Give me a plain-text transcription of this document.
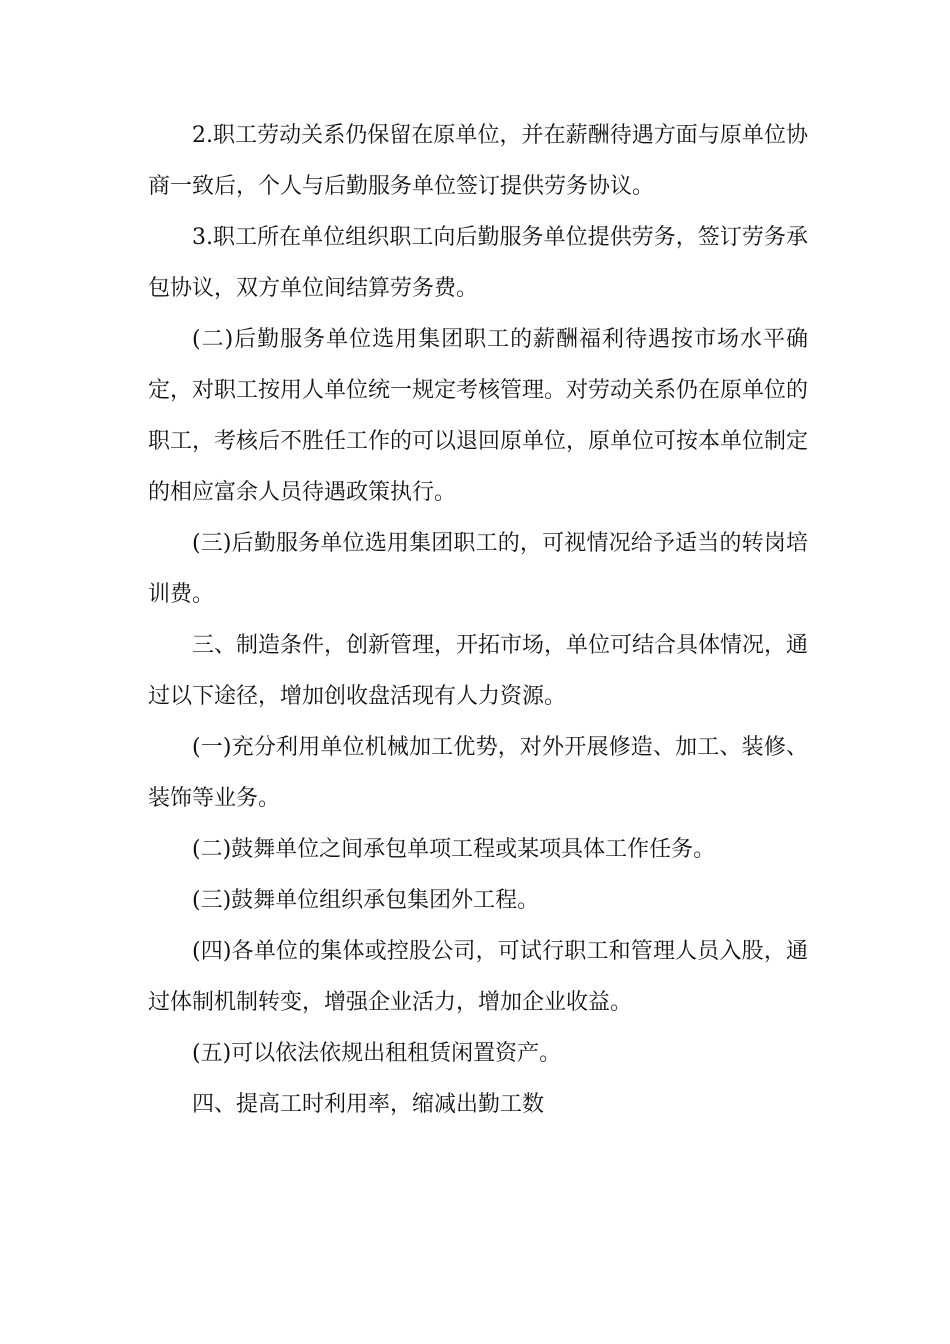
2.职工劳动关系仍保留在原单位，并在薪酬待遇方面与原单位协商一致后，个人与后勤服务单位签订提供劳务协议。

3.职工所在单位组织职工向后勤服务单位提供劳务，签订劳务承包协议，双方单位间结算劳务费。

(二)后勤服务单位选用集团职工的薪酬福利待遇按市场水平确定，对职工按用人单位统一规定考核管理。对劳动关系仍在原单位的职工，考核后不胜任工作的可以退回原单位，原单位可按本单位制定的相应富余人员待遇政策执行。

(三)后勤服务单位选用集团职工的，可视情况给予适当的转岗培训费。

三、制造条件，创新管理，开拓市场，单位可结合具体情况，通过以下途径，增加创收盘活现有人力资源。

(一)充分利用单位机械加工优势，对外开展修造、加工、装修、装饰等业务。

(二)鼓舞单位之间承包单项工程或某项具体工作任务。

(三)鼓舞单位组织承包集团外工程。

(四)各单位的集体或控股公司，可试行职工和管理人员入股，通过体制机制转变，增强企业活力，增加企业收益。

(五)可以依法依规出租租赁闲置资产。

四、提高工时利用率，缩减出勤工数
